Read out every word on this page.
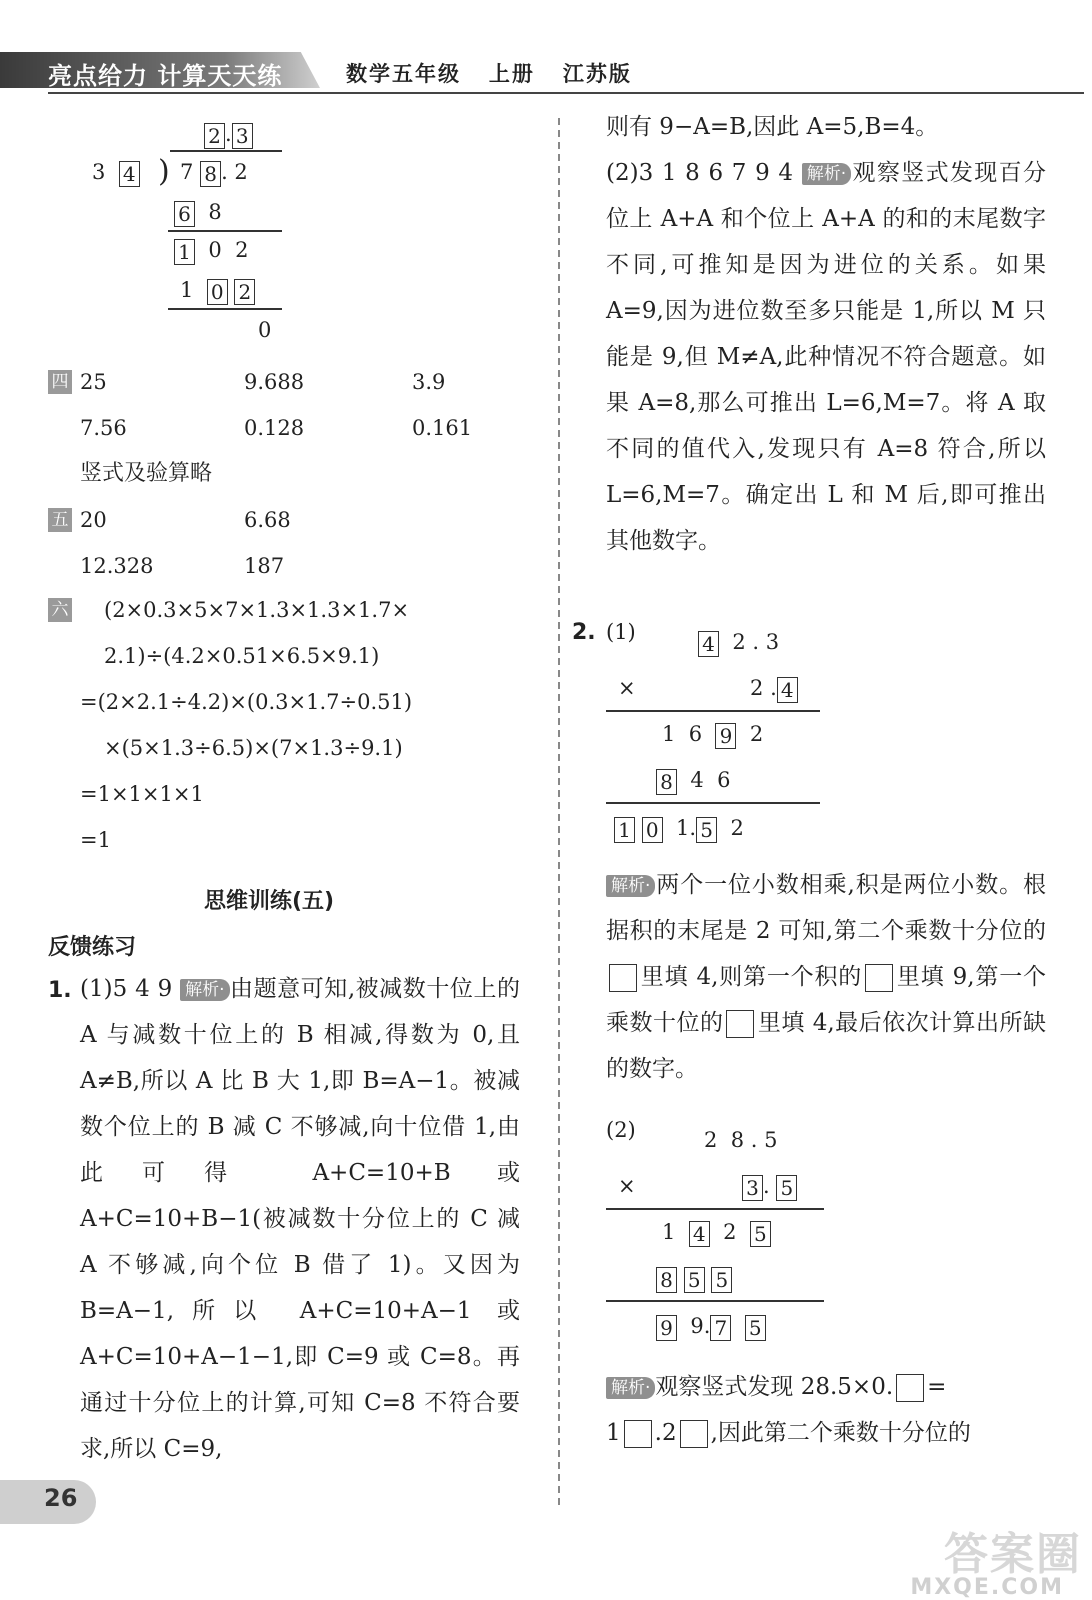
亮点给力 计算天天练	数学五年级   上册   江苏版
2 . 3
3 4 ) 7 8 . 2
6 8
1 0 2
1 0 2
0
四 25	9.688	3.9
7.56	0.128	0.161
竖式及验算略
五 20	6.68
12.328	187
六 (2×0.3×5×7×1.3×1.3×1.7×
2.1)÷(4.2×0.51×6.5×9.1)
=(2×2.1÷4.2)×(0.3×1.7÷0.51)
×(5×1.3÷6.5)×(7×1.3÷9.1)
=1×1×1×1
=1
思维训练(五)
反馈练习
1. (1)5 4 9 解析 · 由题意可知,被减数十位上的 A 与减数十位上的 B 相减,得数为 0,且 A≠B,所以 A 比 B 大 1,即 B=A−1。被减数个位上的 B 减 C 不够减,向十位借 1,由此可得 A+C=10+B 或 A+C=10+B−1(被减数十分位上的 C 减 A 不够减,向个位 B 借了 1)。又因为 B=A−1,所以 A+C=10+A−1 或 A+C=10+A−1−1,即 C=9 或 C=8。再通过十分位上的计算,可知 C=8 不符合要求,所以 C=9,
则有 9−A=B,因此 A=5,B=4。
(2)3 1 8 6 7 9 4 解析 · 观察竖式发现百分位上 A+A 和个位上 A+A 的和的末尾数字不同,可推知是因为进位的关系。如果 A=9,因为进位数至多只能是 1,所以 M 只能是 9,但 M≠A,此种情况不符合题意。如果 A=8,那么可推出 L=6,M=7。将 A 取不同的值代入,发现只有 A=8 符合,所以 L=6,M=7。确定出 L 和 M 后,即可推出其他数字。
2. (1)	4 2 . 3
×	2 . 4
1 6 9 2
8 4 6
1 0 1. 5 2
解析 · 两个一位小数相乘,积是两位小数。根据积的末尾是 2 可知,第二个乘数十分位的里填 4,则第一个积的 里填 9,第一个乘数十位的 里填 4,最后依次计算出所缺的数字。
(2)	2 8 . 5
×	3 . 5
1 4 2 5
8 5 5
9 9. 7 5
解析 · 观察竖式发现 28.5×0. =
1 .2 ,因此第二个乘数十分位的
26
答案圈
MXQE.COM
